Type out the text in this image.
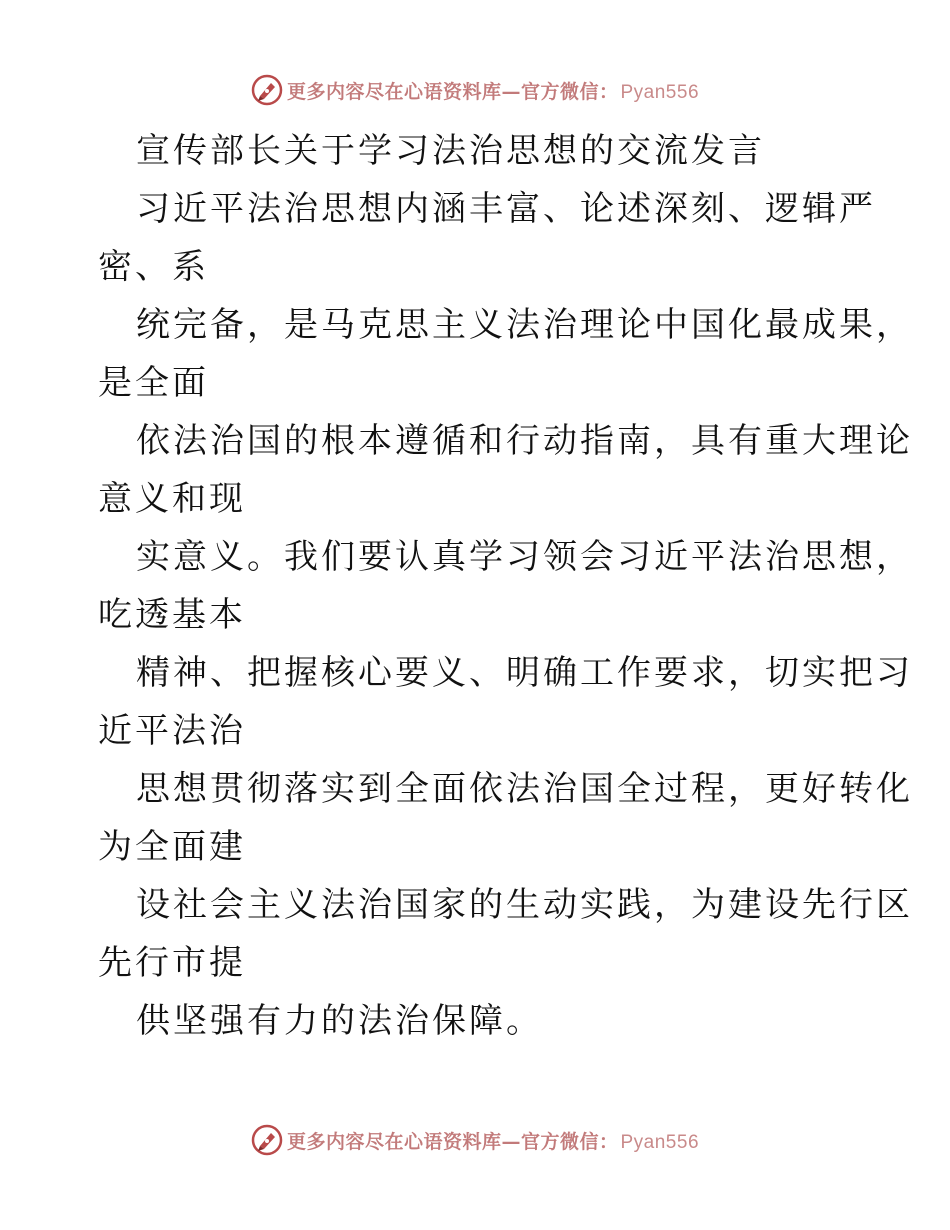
更多内容尽在心语资料库—官方微信： Pyan556

宣传部长关于学习法治思想的交流发言

习近平法治思想内涵丰富、论述深刻、逻辑严

密、系

统完备，是马克思主义法治理论中国化最成果，

是全面

依法治国的根本遵循和行动指南，具有重大理论

意义和现

实意义。我们要认真学习领会习近平法治思想，

吃透基本

精神、把握核心要义、明确工作要求，切实把习

近平法治

思想贯彻落实到全面依法治国全过程，更好转化

为全面建

设社会主义法治国家的生动实践，为建设先行区

先行市提

供坚强有力的法治保障。

更多内容尽在心语资料库—官方微信： Pyan556
